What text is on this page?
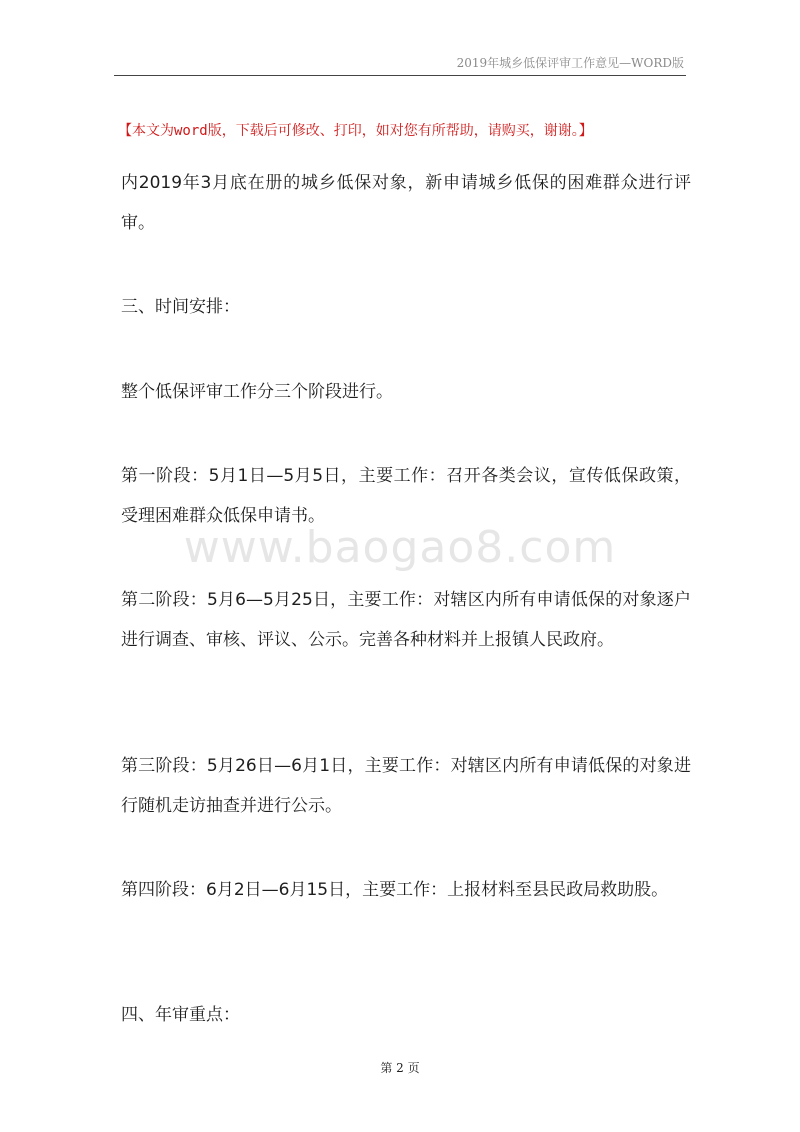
2019年城乡低保评审工作意见—WORD版
【本文为word版，下载后可修改、打印，如对您有所帮助，请购买，谢谢。】
www.baogao8.com

内2019年3月底在册的城乡低保对象，新申请城乡低保的困难群众进行评审。

三、时间安排：

整个低保评审工作分三个阶段进行。

第一阶段：5月1日—5月5日，主要工作：召开各类会议，宣传低保政策，受理困难群众低保申请书。

第二阶段：5月6—5月25日，主要工作：对辖区内所有申请低保的对象逐户进行调查、审核、评议、公示。完善各种材料并上报镇人民政府。

第三阶段：5月26日—6月1日，主要工作：对辖区内所有申请低保的对象进行随机走访抽查并进行公示。

第四阶段：6月2日—6月15日，主要工作：上报材料至县民政局救助股。

四、年审重点：

第 2 页
